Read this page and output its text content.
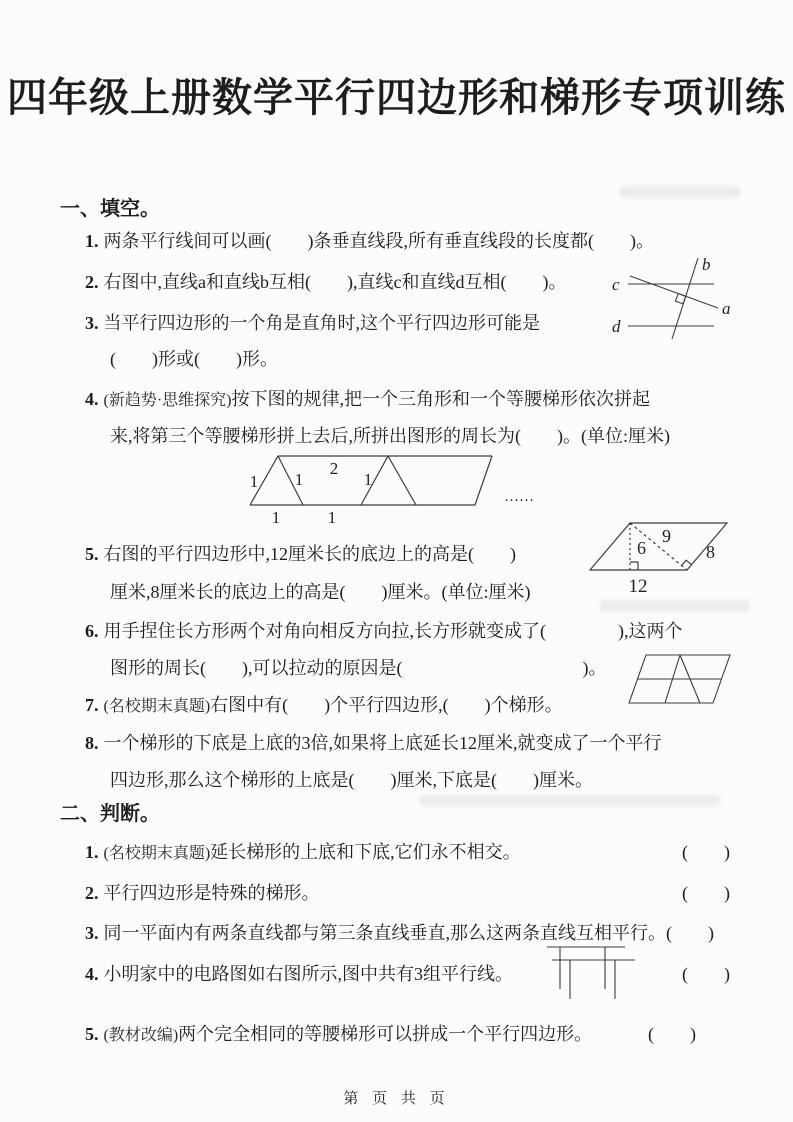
四年级上册数学平行四边形和梯形专项训练
一、填空。
1. 两条平行线间可以画(　　)条垂直线段,所有垂直线段的长度都(　　)。
2. 右图中,直线a和直线b互相(　　),直线c和直线d互相(　　)。
3. 当平行四边形的一个角是直角时,这个平行四边形可能是
(　　)形或(　　)形。
4. (新趋势·思维探究)按下图的规律,把一个三角形和一个等腰梯形依次拼起
来,将第三个等腰梯形拼上去后,所拼出图形的周长为(　　)。(单位:厘米)
1 1
2
1	1
1
……
5. 右图的平行四边形中,12厘米长的底边上的高是(　　)
厘米,8厘米长的底边上的高是(　　)厘米。(单位:厘米)
6
9
8
12
6. 用手捏住长方形两个对角向相反方向拉,长方形就变成了(　　　　),这两个
图形的周长(　　),可以拉动的原因是(　　　　　　　　　　)。
7. (名校期末真题)右图中有(　　)个平行四边形,(　　)个梯形。
8. 一个梯形的下底是上底的3倍,如果将上底延长12厘米,就变成了一个平行
四边形,那么这个梯形的上底是(　　)厘米,下底是(　　)厘米。
c
d
b
a
二、判断。
1. (名校期末真题)延长梯形的上底和下底,它们永不相交。	(　　)
2. 平行四边形是特殊的梯形。	(　　)
3. 同一平面内有两条直线都与第三条直线垂直,那么这两条直线互相平行。(　　)
4. 小明家中的电路图如右图所示,图中共有3组平行线。	(　　)
5. (教材改编)两个完全相同的等腰梯形可以拼成一个平行四边形。	(　　)
第 页 共 页
